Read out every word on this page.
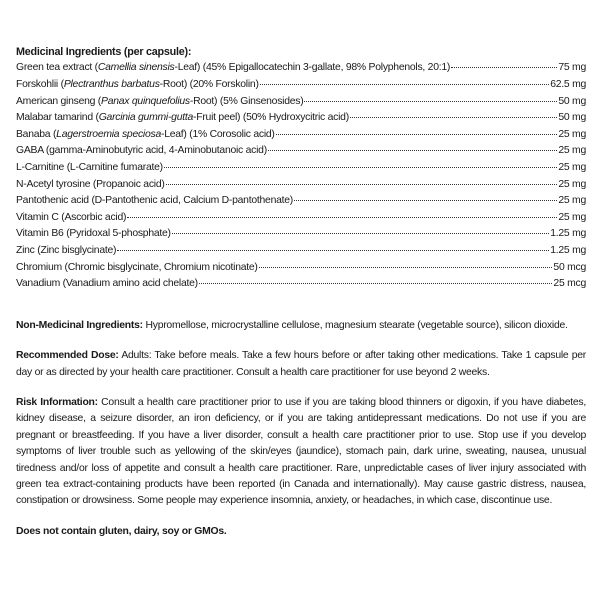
Medicinal Ingredients (per capsule):
Green tea extract (Camellia sinensis-Leaf) (45% Epigallocatechin 3-gallate, 98% Polyphenols, 20:1)	75 mg
Forskohlii (Plectranthus barbatus-Root) (20% Forskolin)	62.5 mg
American ginseng (Panax quinquefolius-Root) (5% Ginsenosides)	50 mg
Malabar tamarind (Garcinia gummi-gutta-Fruit peel) (50% Hydroxycitric acid)	50 mg
Banaba (Lagerstroemia speciosa-Leaf) (1% Corosolic acid)	25 mg
GABA (gamma-Aminobutyric acid, 4-Aminobutanoic acid)	25 mg
L-Carnitine (L-Carnitine fumarate)	25 mg
N-Acetyl tyrosine (Propanoic acid)	25 mg
Pantothenic acid (D-Pantothenic acid, Calcium D-pantothenate)	25 mg
Vitamin C (Ascorbic acid)	25 mg
Vitamin B6 (Pyridoxal 5-phosphate)	1.25 mg
Zinc (Zinc bisglycinate)	1.25 mg
Chromium (Chromic bisglycinate, Chromium nicotinate)	50 mcg
Vanadium (Vanadium amino acid chelate)	25 mcg

Non-Medicinal Ingredients: Hypromellose, microcrystalline cellulose, magnesium stearate (vegetable source), silicon dioxide.

Recommended Dose: Adults: Take before meals. Take a few hours before or after taking other medications. Take 1 capsule per day or as directed by your health care practitioner. Consult a health care practitioner for use beyond 2 weeks.

Risk Information: Consult a health care practitioner prior to use if you are taking blood thinners or digoxin, if you have diabetes, kidney disease, a seizure disorder, an iron deficiency, or if you are taking antidepressant medications. Do not use if you are pregnant or breastfeeding. If you have a liver disorder, consult a health care practitioner prior to use. Stop use if you develop symptoms of liver trouble such as yellowing of the skin/eyes (jaundice), stomach pain, dark urine, sweating, nausea, unusual tiredness and/or loss of appetite and consult a health care practitioner. Rare, unpredictable cases of liver injury associated with green tea extract-containing products have been reported (in Canada and internationally). May cause gastric distress, nausea, constipation or drowsiness. Some people may experience insomnia, anxiety, or headaches, in which case, discontinue use.

Does not contain gluten, dairy, soy or GMOs.
